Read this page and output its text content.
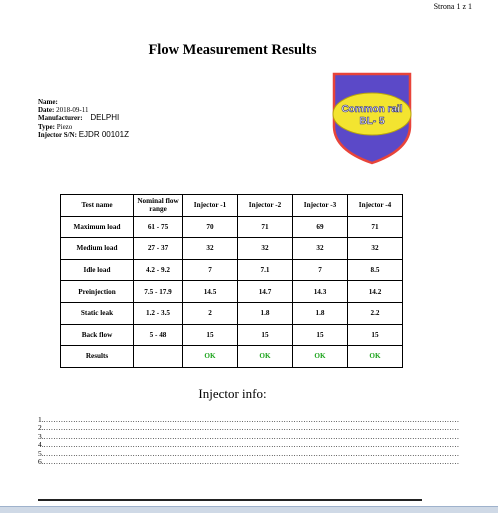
Strona 1 z 1
Flow Measurement Results
Name:
Date: 2018-09-11
Manufacturer: DELPHI
Type: Piezo
Injector S/N: EJDR 00101Z
Common rail
BL- 5
Test name	Nominal flow range	Injector -1	Injector -2	Injector -3	Injector -4
Maximum load	61 - 75	70	71	69	71
Medium load	27 - 37	32	32	32	32
Idle load	4.2 - 9.2	7	7.1	7	8.5
Preinjection	7.5 - 17.9	14.5	14.7	14.3	14.2
Static leak	1.2 - 3.5	2	1.8	1.8	2.2
Back flow	5 - 48	15	15	15	15
Results		OK	OK	OK	OK
Injector info:
1.........................................................................................................................................................................
2.........................................................................................................................................................................
3.........................................................................................................................................................................
4.........................................................................................................................................................................
5.........................................................................................................................................................................
6.........................................................................................................................................................................
